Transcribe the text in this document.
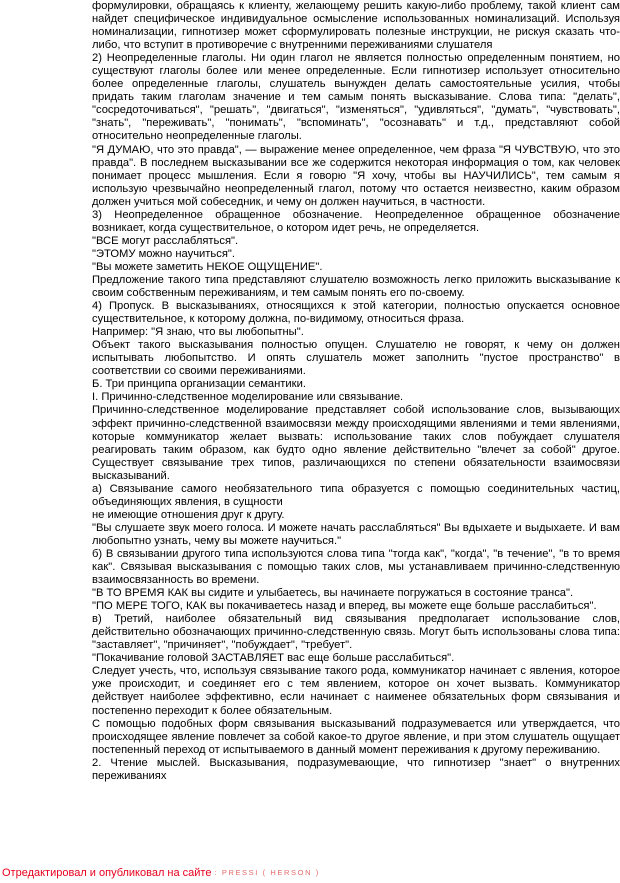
формулировки, обращаясь к клиенту, желающему решить какую-либо проблему, такой клиент сам найдет специфическое индивидуальное осмысление использованных номинализаций. Используя номинализации, гипнотизер может сформулировать полезные инструкции, не рискуя сказать что-либо, что вступит в противоречие с внутренними переживаниями слушателя

2) Неопределенные глаголы. Ни один глагол не является полностью определенным понятием, но существуют глаголы более или менее определенные. Если гипнотизер использует относительно более определенные глаголы, слушатель вынужден делать самостоятельные усилия, чтобы придать таким глаголам значение и тем самым понять высказывание. Слова типа: "делать", "сосредоточиваться", "решать", "двигаться", "изменяться", "удивляться", "думать", "чувствовать", "знать", "переживать", "понимать", "вспоминать", "осознавать" и т.д., представляют собой относительно неопределенные глаголы.

"Я ДУМАЮ, что это правда", — выражение менее определенное, чем фраза "Я ЧУВСТВУЮ, что это правда". В последнем высказывании все же содержится некоторая информация о том, как человек понимает процесс мышления. Если я говорю "Я хочу, чтобы вы НАУЧИЛИСЬ", тем самым я использую чрезвычайно неопределенный глагол, потому что остается неизвестно, каким образом должен учиться мой собеседник, и чему он должен научиться, в частности.

3) Неопределенное обращенное обозначение. Неопределенное обращенное обозначение возникает, когда существительное, о котором идет речь, не определяется.

"ВСЕ могут расслабляться".

"ЭТОМУ можно научиться".

"Вы можете заметить НЕКОЕ ОЩУЩЕНИЕ".

Предложение такого типа представляют слушателю возможность легко приложить высказывание к своим собственным переживаниям, и тем самым понять его по-своему.

4) Пропуск. В высказываниях, относящихся к этой категории, полностью опускается основное существительное, к которому должна, по-видимому, относиться фраза.

Например: "Я знаю, что вы любопытны".

Объект такого высказывания полностью опущен. Слушателю не говорят, к чему он должен испытывать любопытство. И опять слушатель может заполнить "пустое пространство" в соответствии со своими переживаниями.

Б. Три принципа организации семантики.

I. Причинно-следственное моделирование или связывание.

Причинно-следственное моделирование представляет собой использование слов, вызывающих эффект причинно-следственной взаимосвязи между происходящими явлениями и теми явлениями, которые коммуникатор желает вызвать: использование таких слов побуждает слушателя реагировать таким образом, как будто одно явление действительно "влечет за собой" другое. Существует связывание трех типов, различающихся по степени обязательности взаимосвязи высказываний.

а) Связывание самого необязательного типа образуется с помощью соединительных частиц, объединяющих явления, в сущности

не имеющие отношения друг к другу.

"Вы слушаете звук моего голоса. И можете начать расслабляться" Вы вдыхаете и выдыхаете. И вам любопытно узнать, чему вы можете научиться."

б) В связывании другого типа используются слова типа "тогда как", "когда", "в течение", "в то время как". Связывая высказывания с помощью таких слов, мы устанавливаем причинно-следственную взаимосвязанность во времени.

"В ТО ВРЕМЯ КАК вы сидите и улыбаетесь, вы начинаете погружаться в состояние транса".

"ПО МЕРЕ ТОГО, КАК вы покачиваетесь назад и вперед, вы можете еще больше расслабиться".

в) Третий, наиболее обязательный вид связывания предполагает использование слов, действительно обозначающих причинно-следственную связь. Могут быть использованы слова типа: "заставляет", "причиняет", "побуждает", "требует".

"Покачивание головой ЗАСТАВЛЯЕТ вас еще больше расслабиться".

Следует учесть, что, используя связывание такого рода, коммуникатор начинает с явления, которое уже происходит, и соединяет его с тем явлением, которое он хочет вызвать. Коммуникатор действует наиболее эффективно, если начинает с наименее обязательных форм связывания и постепенно переходит к более обязательным.

С помощью подобных форм связывания высказываний подразумевается или утверждается, что происходящее явление повлечет за собой какое-то другое явление, и при этом слушатель ощущает постепенный переход от испытываемого в данный момент переживания к другому переживанию.

2. Чтение мыслей. Высказывания, подразумевающие, что гипнотизер "знает" о внутренних переживаниях

Отредактировал и опубликовал на сайте : PRESSI ( HERSON )
